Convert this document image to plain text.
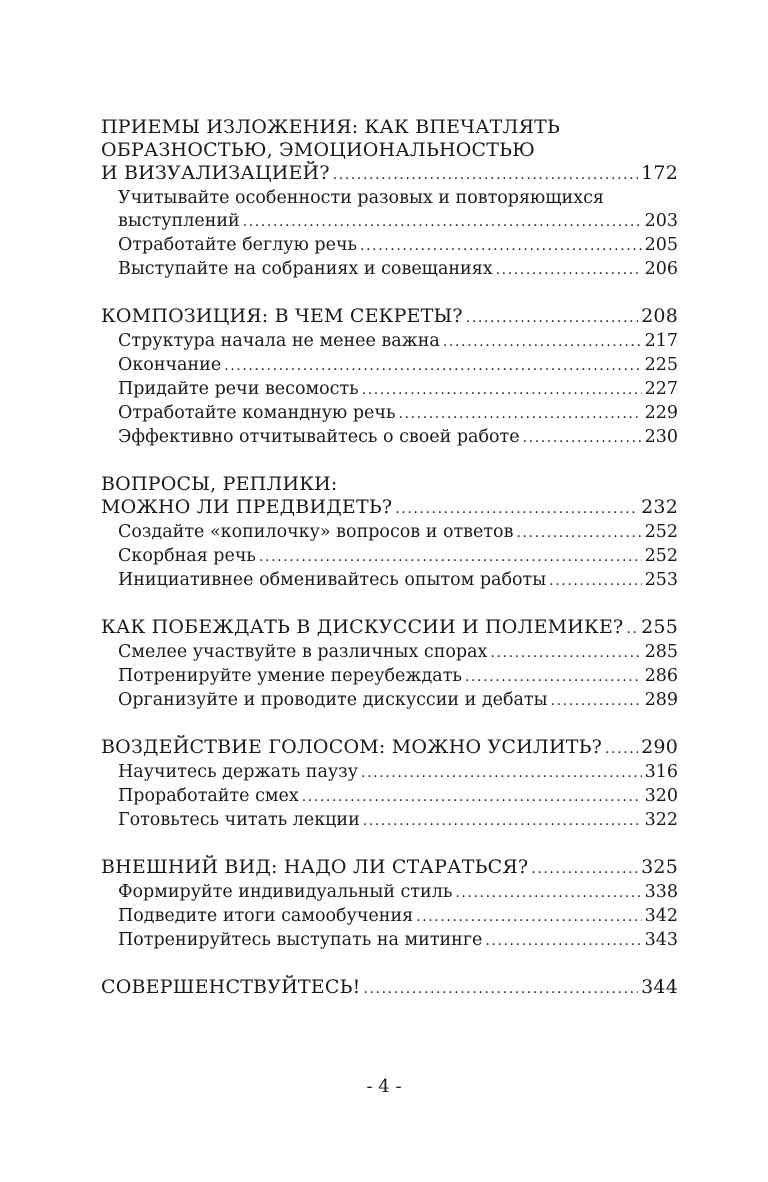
ПРИЕМЫ ИЗЛОЖЕНИЯ: КАК ВПЕЧАТЛЯТЬ
ОБРАЗНОСТЬЮ, ЭМОЦИОНАЛЬНОСТЬЮ
И ВИЗУАЛИЗАЦИЕЙ? .....	172
Учитывайте особенности разовых и повторяющихся
выступлений .....	203
Отработайте беглую речь .....	205
Выступайте на собраниях и совещаниях .....	206
КОМПОЗИЦИЯ: В ЧЕМ СЕКРЕТЫ? .....	208
Структура начала не менее важна .....	217
Окончание .....	225
Придайте речи весомость .....	227
Отработайте командную речь .....	229
Эффективно отчитывайтесь о своей работе .....	230
ВОПРОСЫ, РЕПЛИКИ:
МОЖНО ЛИ ПРЕДВИДЕТЬ? .....	232
Создайте «копилочку» вопросов и ответов .....	252
Скорбная речь .....	252
Инициативнее обменивайтесь опытом работы .....	253
КАК ПОБЕЖДАТЬ В ДИСКУССИИ И ПОЛЕМИКЕ? ..... 255
Смелее участвуйте в различных спорах .....	285
Потренируйте умение переубеждать .....	286
Организуйте и проводите дискуссии и дебаты .....	289
ВОЗДЕЙСТВИЕ ГОЛОСОМ: МОЖНО УСИЛИТЬ? ..... 290
Научитесь держать паузу .....	316
Проработайте смех .....	320
Готовьтесь читать лекции .....	322
ВНЕШНИЙ ВИД: НАДО ЛИ СТАРАТЬСЯ? .....	325
Формируйте индивидуальный стиль .....	338
Подведите итоги самообучения .....	342
Потренируйтесь выступать на митинге .....	343
СОВЕРШЕНСТВУЙТЕСЬ! .....	344
- 4 -
